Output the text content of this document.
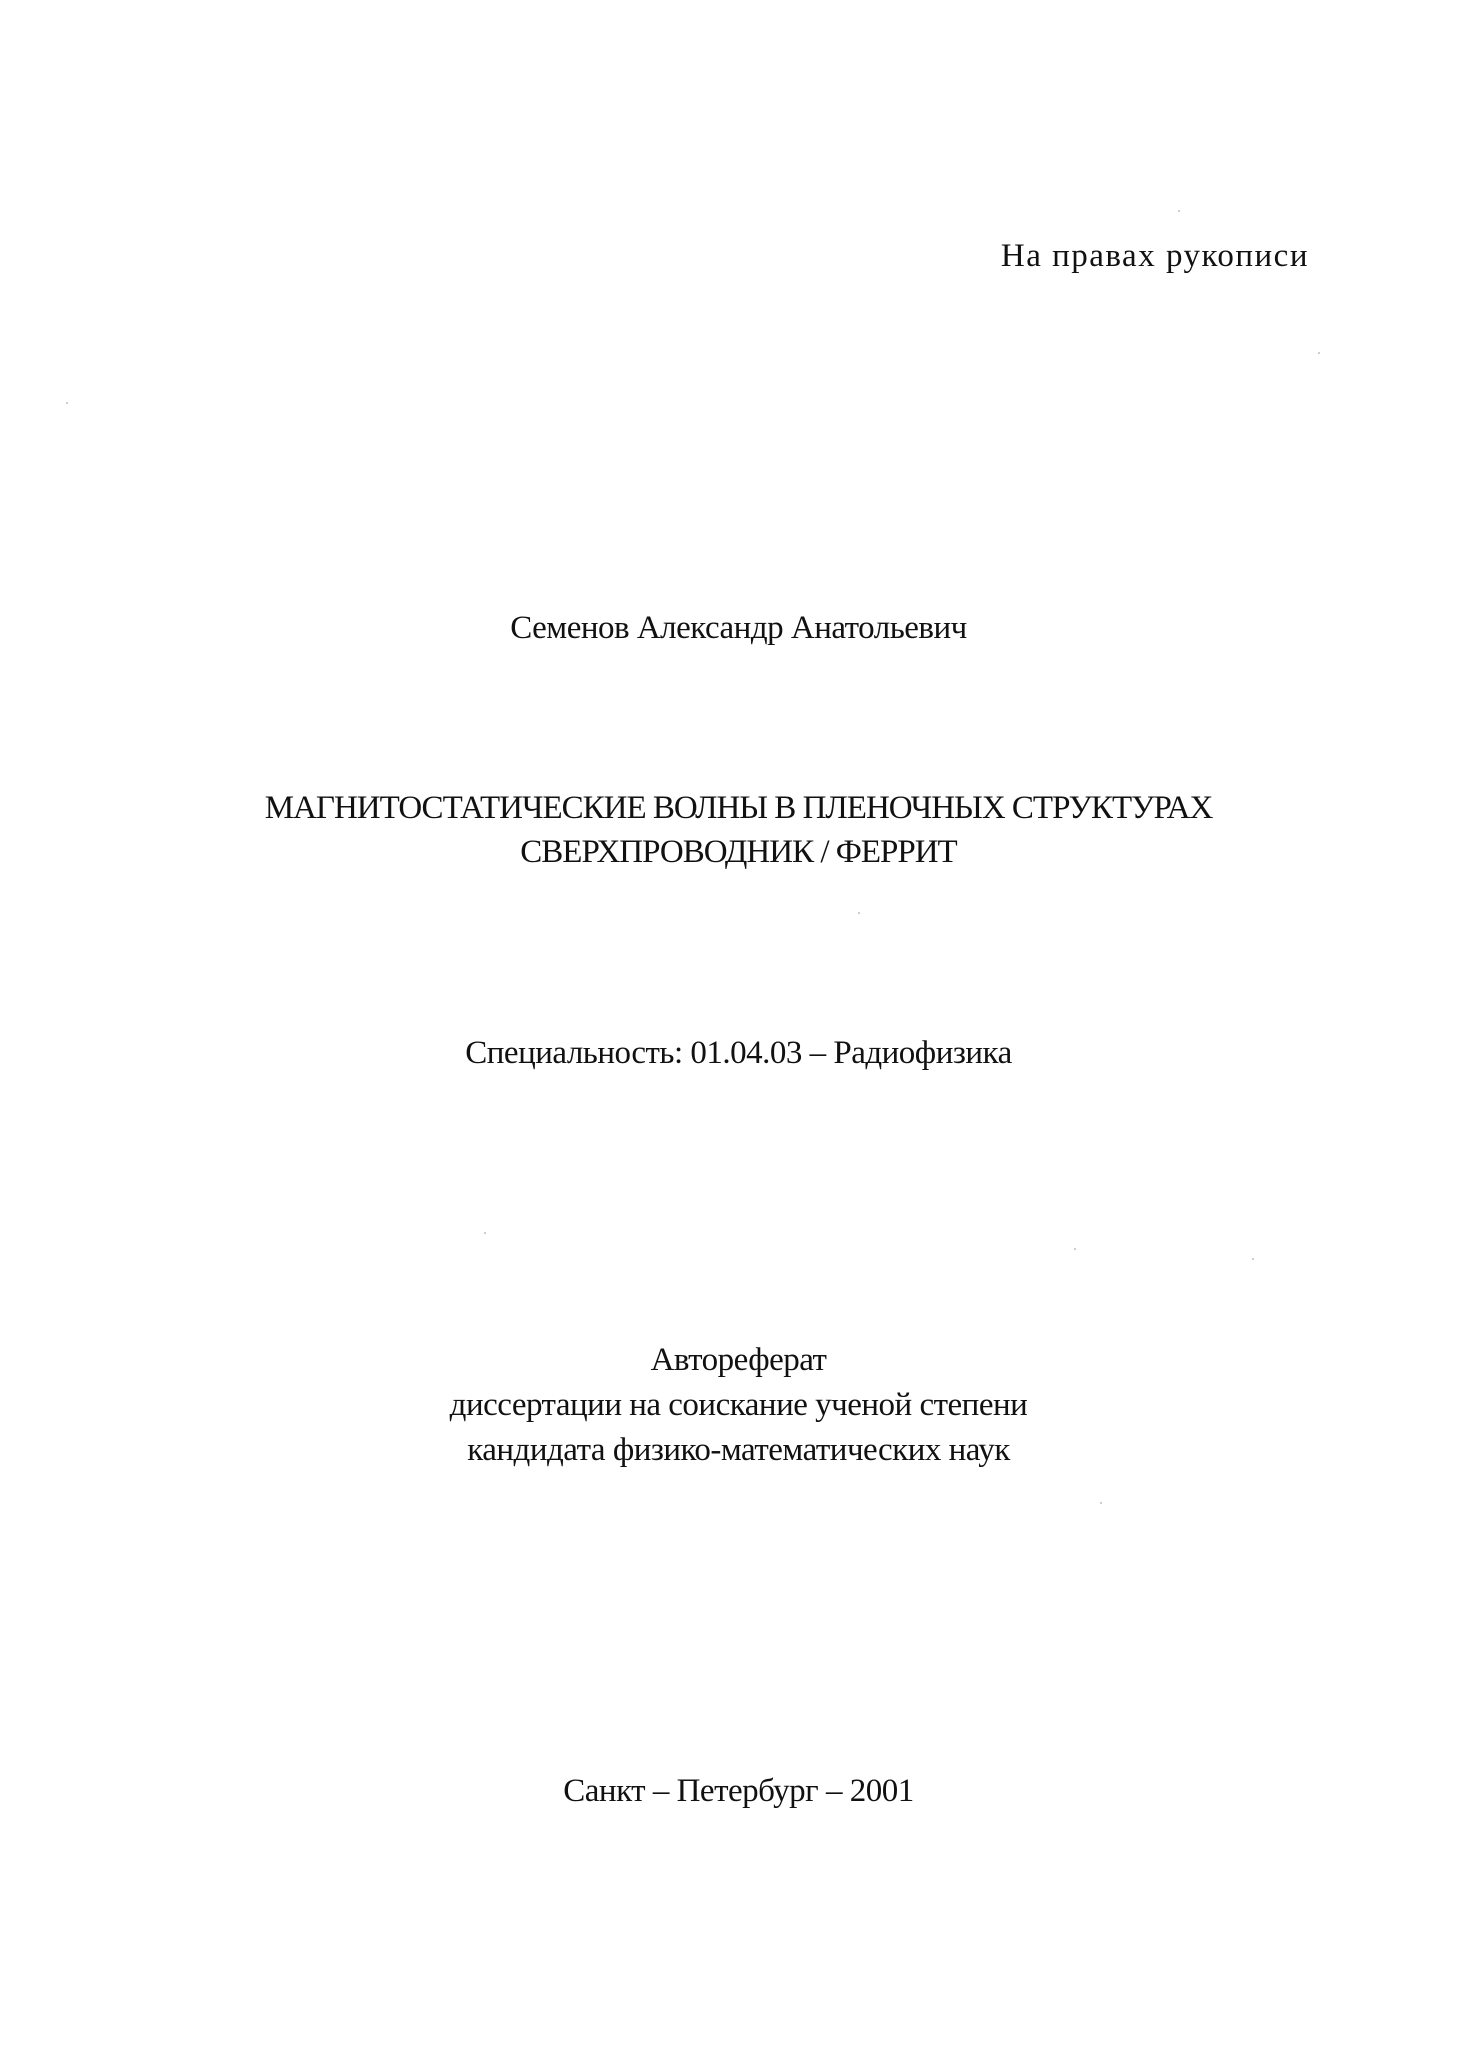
На правах рукописи
Семенов Александр Анатольевич
МАГНИТОСТАТИЧЕСКИЕ ВОЛНЫ В ПЛЕНОЧНЫХ СТРУКТУРАХ
СВЕРХПРОВОДНИК / ФЕРРИТ
Специальность: 01.04.03 – Радиофизика
Автореферат
диссертации на соискание ученой степени
кандидата физико-математических наук
Санкт – Петербург – 2001
